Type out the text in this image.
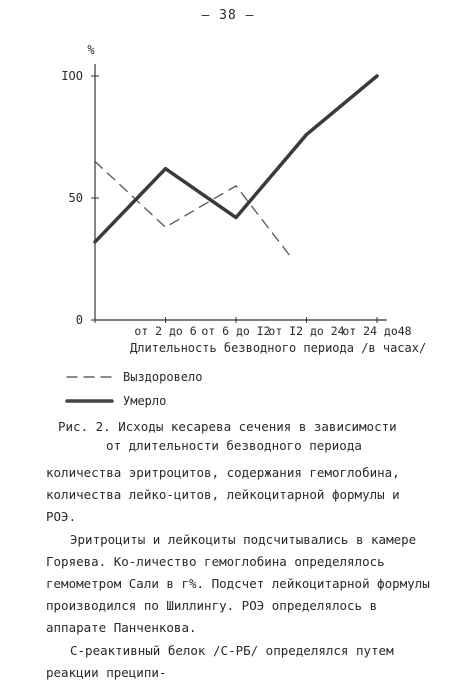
– 38 –
0
50
IOO
%
от 2 до 6 от 6 до I2
от I2 до 24
от 24 до48
Длительность безводного периода /в часах/
Выздоровело
Умерло
Рис. 2. Исходы кесарева сечения в зависимости
от длительности безводного периода

количества эритроцитов, содержания гемоглобина, количества лейко-цитов, лейкоцитарной формулы и РОЭ.

Эритроциты и лейкоциты подсчитывались в камере Горяева. Ко-личество гемоглобина определялось гемометром Сали в г%. Подсчет лейкоцитарной формулы производился по Шиллингу. РОЭ определялось в аппарате Панченкова.

С-реактивный белок /С-РБ/ определялся путем реакции преципи-
